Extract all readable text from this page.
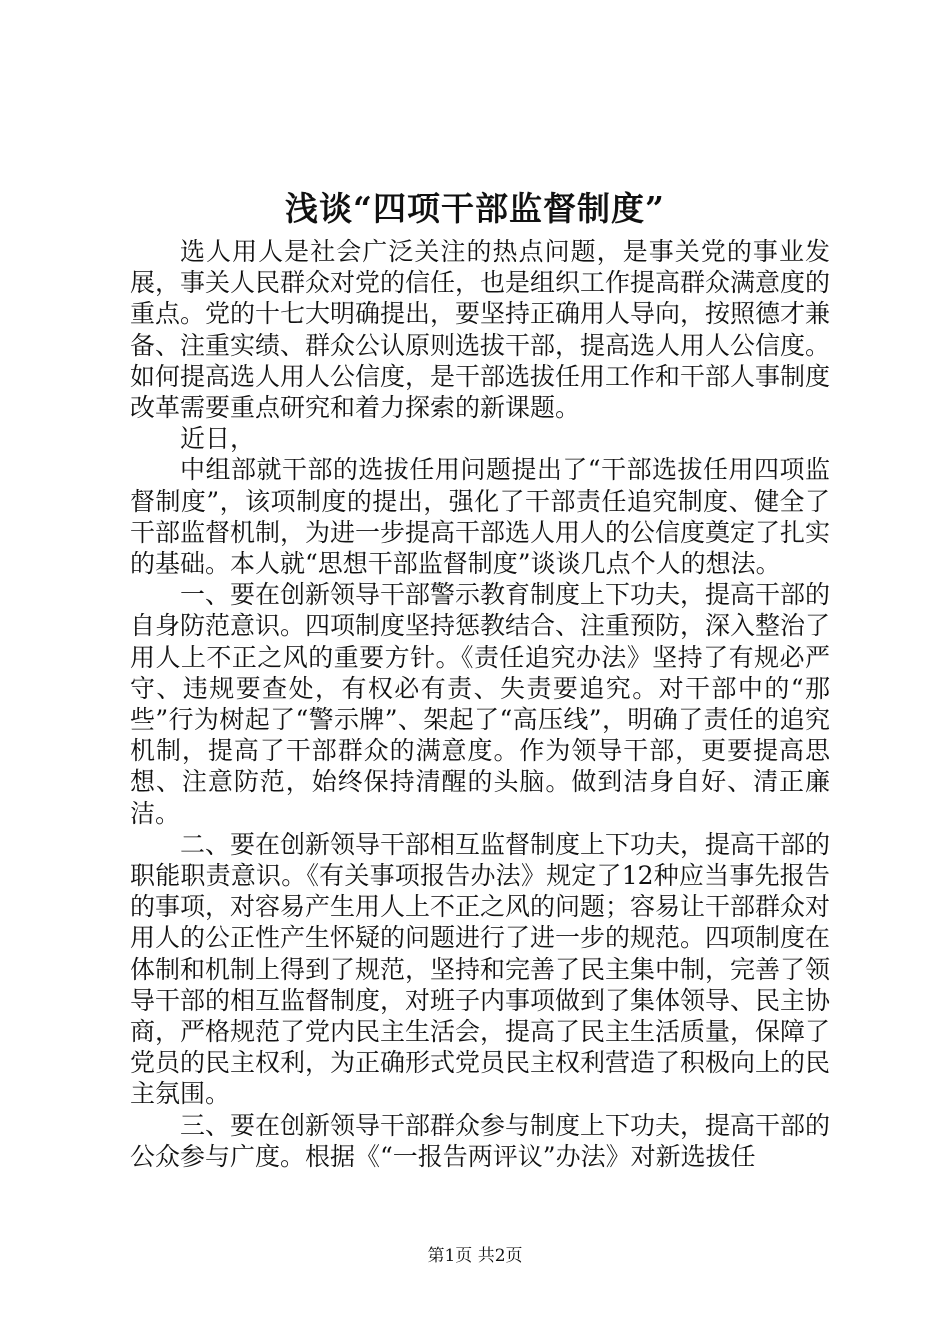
浅谈“四项干部监督制度”

选人用人是社会广泛关注的热点问题，是事关党的事业发展，事关人民群众对党的信任，也是组织工作提高群众满意度的重点。党的十七大明确提出，要坚持正确用人导向，按照德才兼备、注重实绩、群众公认原则选拔干部，提高选人用人公信度。如何提高选人用人公信度，是干部选拔任用工作和干部人事制度改革需要重点研究和着力探索的新课题。

近日，

中组部就干部的选拔任用问题提出了“干部选拔任用四项监督制度”，该项制度的提出，强化了干部责任追究制度、健全了干部监督机制，为进一步提高干部选人用人的公信度奠定了扎实的基础。本人就“思想干部监督制度”谈谈几点个人的想法。

一、要在创新领导干部警示教育制度上下功夫，提高干部的自身防范意识。四项制度坚持惩教结合、注重预防，深入整治了用人上不正之风的重要方针。《责任追究办法》坚持了有规必严守、违规要查处，有权必有责、失责要追究。对干部中的“那些”行为树起了“警示牌”、架起了“高压线”，明确了责任的追究机制，提高了干部群众的满意度。作为领导干部，更要提高思想、注意防范，始终保持清醒的头脑。做到洁身自好、清正廉洁。

二、要在创新领导干部相互监督制度上下功夫，提高干部的职能职责意识。《有关事项报告办法》规定了12种应当事先报告的事项，对容易产生用人上不正之风的问题；容易让干部群众对用人的公正性产生怀疑的问题进行了进一步的规范。四项制度在体制和机制上得到了规范，坚持和完善了民主集中制，完善了领导干部的相互监督制度，对班子内事项做到了集体领导、民主协商，严格规范了党内民主生活会，提高了民主生活质量，保障了党员的民主权利，为正确形式党员民主权利营造了积极向上的民主氛围。

三、要在创新领导干部群众参与制度上下功夫，提高干部的公众参与广度。根据《“一报告两评议”办法》对新选拔任

第1页 共2页
